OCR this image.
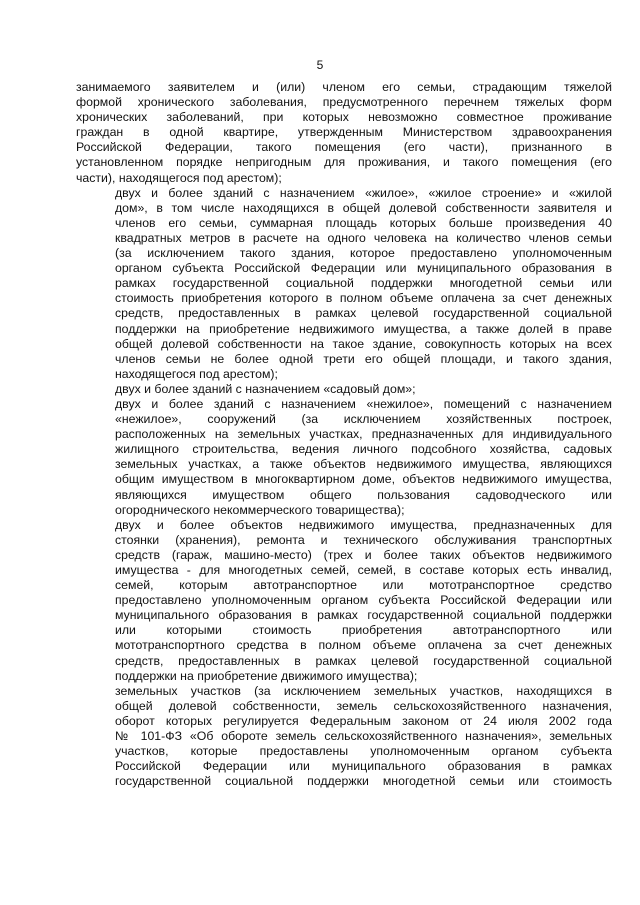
5

занимаемого заявителем и (или) членом его семьи, страдающим тяжелой
формой хронического заболевания, предусмотренного перечнем тяжелых форм
хронических заболеваний, при которых невозможно совместное проживание
граждан в одной квартире, утвержденным Министерством здравоохранения
Российской Федерации, такого помещения (его части), признанного в
установленном порядке непригодным для проживания, и такого помещения (его
части), находящегося под арестом);

двух и более зданий с назначением «жилое», «жилое строение» и «жилой
дом», в том числе находящихся в общей долевой собственности заявителя и
членов его семьи, суммарная площадь которых больше произведения 40
квадратных метров в расчете на одного человека на количество членов семьи
(за исключением такого здания, которое предоставлено уполномоченным
органом субъекта Российской Федерации или муниципального образования в
рамках государственной социальной поддержки многодетной семьи или
стоимость приобретения которого в полном объеме оплачена за счет денежных
средств, предоставленных в рамках целевой государственной социальной
поддержки на приобретение недвижимого имущества, а также долей в праве
общей долевой собственности на такое здание, совокупность которых на всех
членов семьи не более одной трети его общей площади, и такого здания,
находящегося под арестом);

двух и более зданий с назначением «садовый дом»;

двух и более зданий с назначением «нежилое», помещений с назначением
«нежилое», сооружений (за исключением хозяйственных построек,
расположенных на земельных участках, предназначенных для индивидуального
жилищного строительства, ведения личного подсобного хозяйства, садовых
земельных участках, а также объектов недвижимого имущества, являющихся
общим имуществом в многоквартирном доме, объектов недвижимого имущества,
являющихся имуществом общего пользования садоводческого или
огороднического некоммерческого товарищества);

двух и более объектов недвижимого имущества, предназначенных для
стоянки (хранения), ремонта и технического обслуживания транспортных
средств (гараж, машино-место) (трех и более таких объектов недвижимого
имущества - для многодетных семей, семей, в составе которых есть инвалид,
семей, которым автотранспортное или мототранспортное средство
предоставлено уполномоченным органом субъекта Российской Федерации или
муниципального образования в рамках государственной социальной поддержки
или которыми стоимость приобретения автотранспортного или
мототранспортного средства в полном объеме оплачена за счет денежных
средств, предоставленных в рамках целевой государственной социальной
поддержки на приобретение движимого имущества);

земельных участков (за исключением земельных участков, находящихся в
общей долевой собственности, земель сельскохозяйственного назначения,
оборот которых регулируется Федеральным законом от 24 июля 2002 года
№ 101-ФЗ «Об обороте земель сельскохозяйственного назначения», земельных
участков, которые предоставлены уполномоченным органом субъекта
Российской Федерации или муниципального образования в рамках
государственной социальной поддержки многодетной семьи или стоимость
